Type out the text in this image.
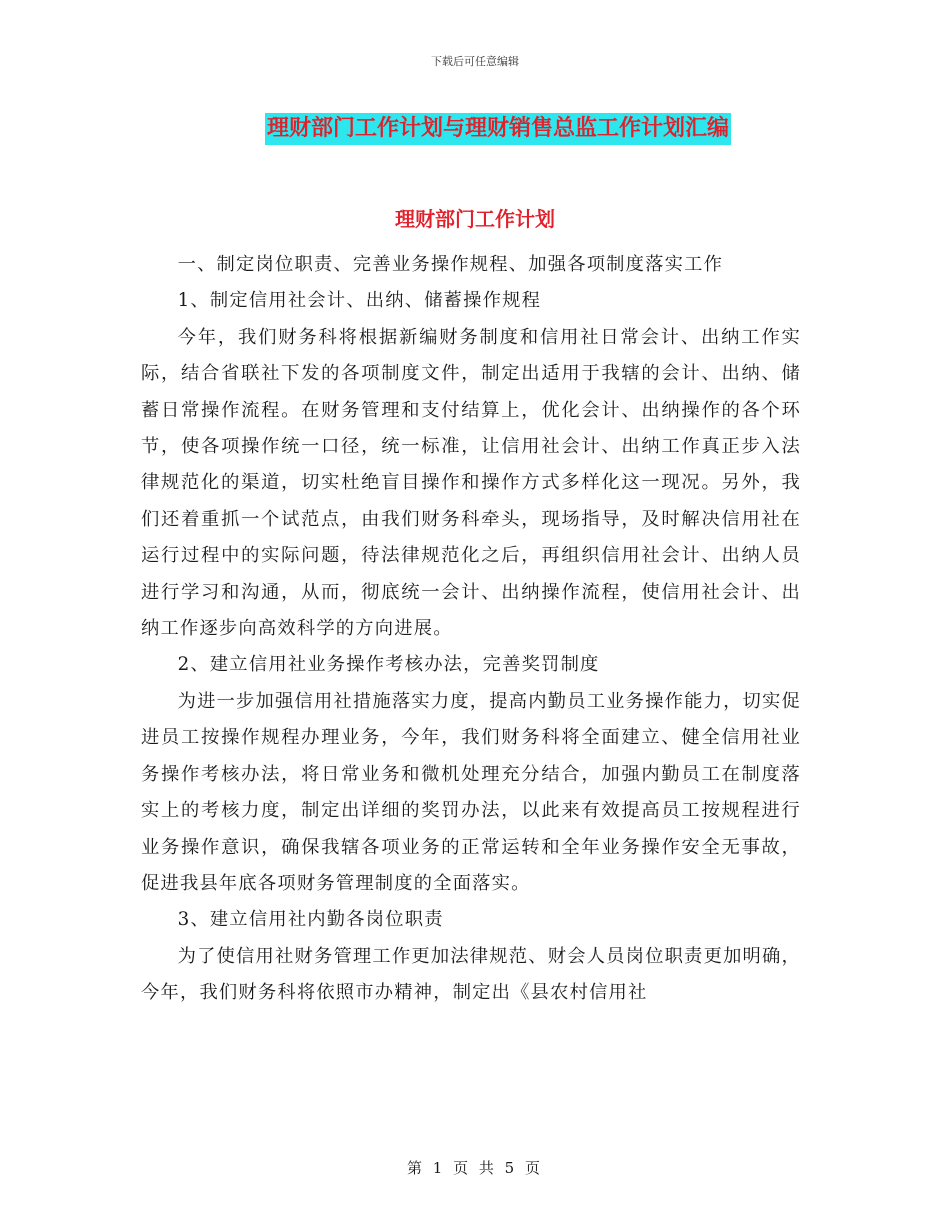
下载后可任意编辑
理财部门工作计划与理财销售总监工作计划汇编
理财部门工作计划

一、制定岗位职责、完善业务操作规程、加强各项制度落实工作

1、制定信用社会计、出纳、储蓄操作规程

今年，我们财务科将根据新编财务制度和信用社日常会计、出纳工作实际，结合省联社下发的各项制度文件，制定出适用于我辖的会计、出纳、储蓄日常操作流程。在财务管理和支付结算上，优化会计、出纳操作的各个环节，使各项操作统一口径，统一标准，让信用社会计、出纳工作真正步入法律规范化的渠道，切实杜绝盲目操作和操作方式多样化这一现况。另外，我们还着重抓一个试范点，由我们财务科牵头，现场指导，及时解决信用社在运行过程中的实际问题，待法律规范化之后，再组织信用社会计、出纳人员进行学习和沟通，从而，彻底统一会计、出纳操作流程，使信用社会计、出纳工作逐步向高效科学的方向进展。

2、建立信用社业务操作考核办法，完善奖罚制度

为进一步加强信用社措施落实力度，提高内勤员工业务操作能力，切实促进员工按操作规程办理业务，今年，我们财务科将全面建立、健全信用社业务操作考核办法，将日常业务和微机处理充分结合，加强内勤员工在制度落实上的考核力度，制定出详细的奖罚办法，以此来有效提高员工按规程进行业务操作意识，确保我辖各项业务的正常运转和全年业务操作安全无事故，促进我县年底各项财务管理制度的全面落实。

3、建立信用社内勤各岗位职责

为了使信用社财务管理工作更加法律规范、财会人员岗位职责更加明确，今年，我们财务科将依照市办精神，制定出《县农村信用社

第 1 页 共 5 页
